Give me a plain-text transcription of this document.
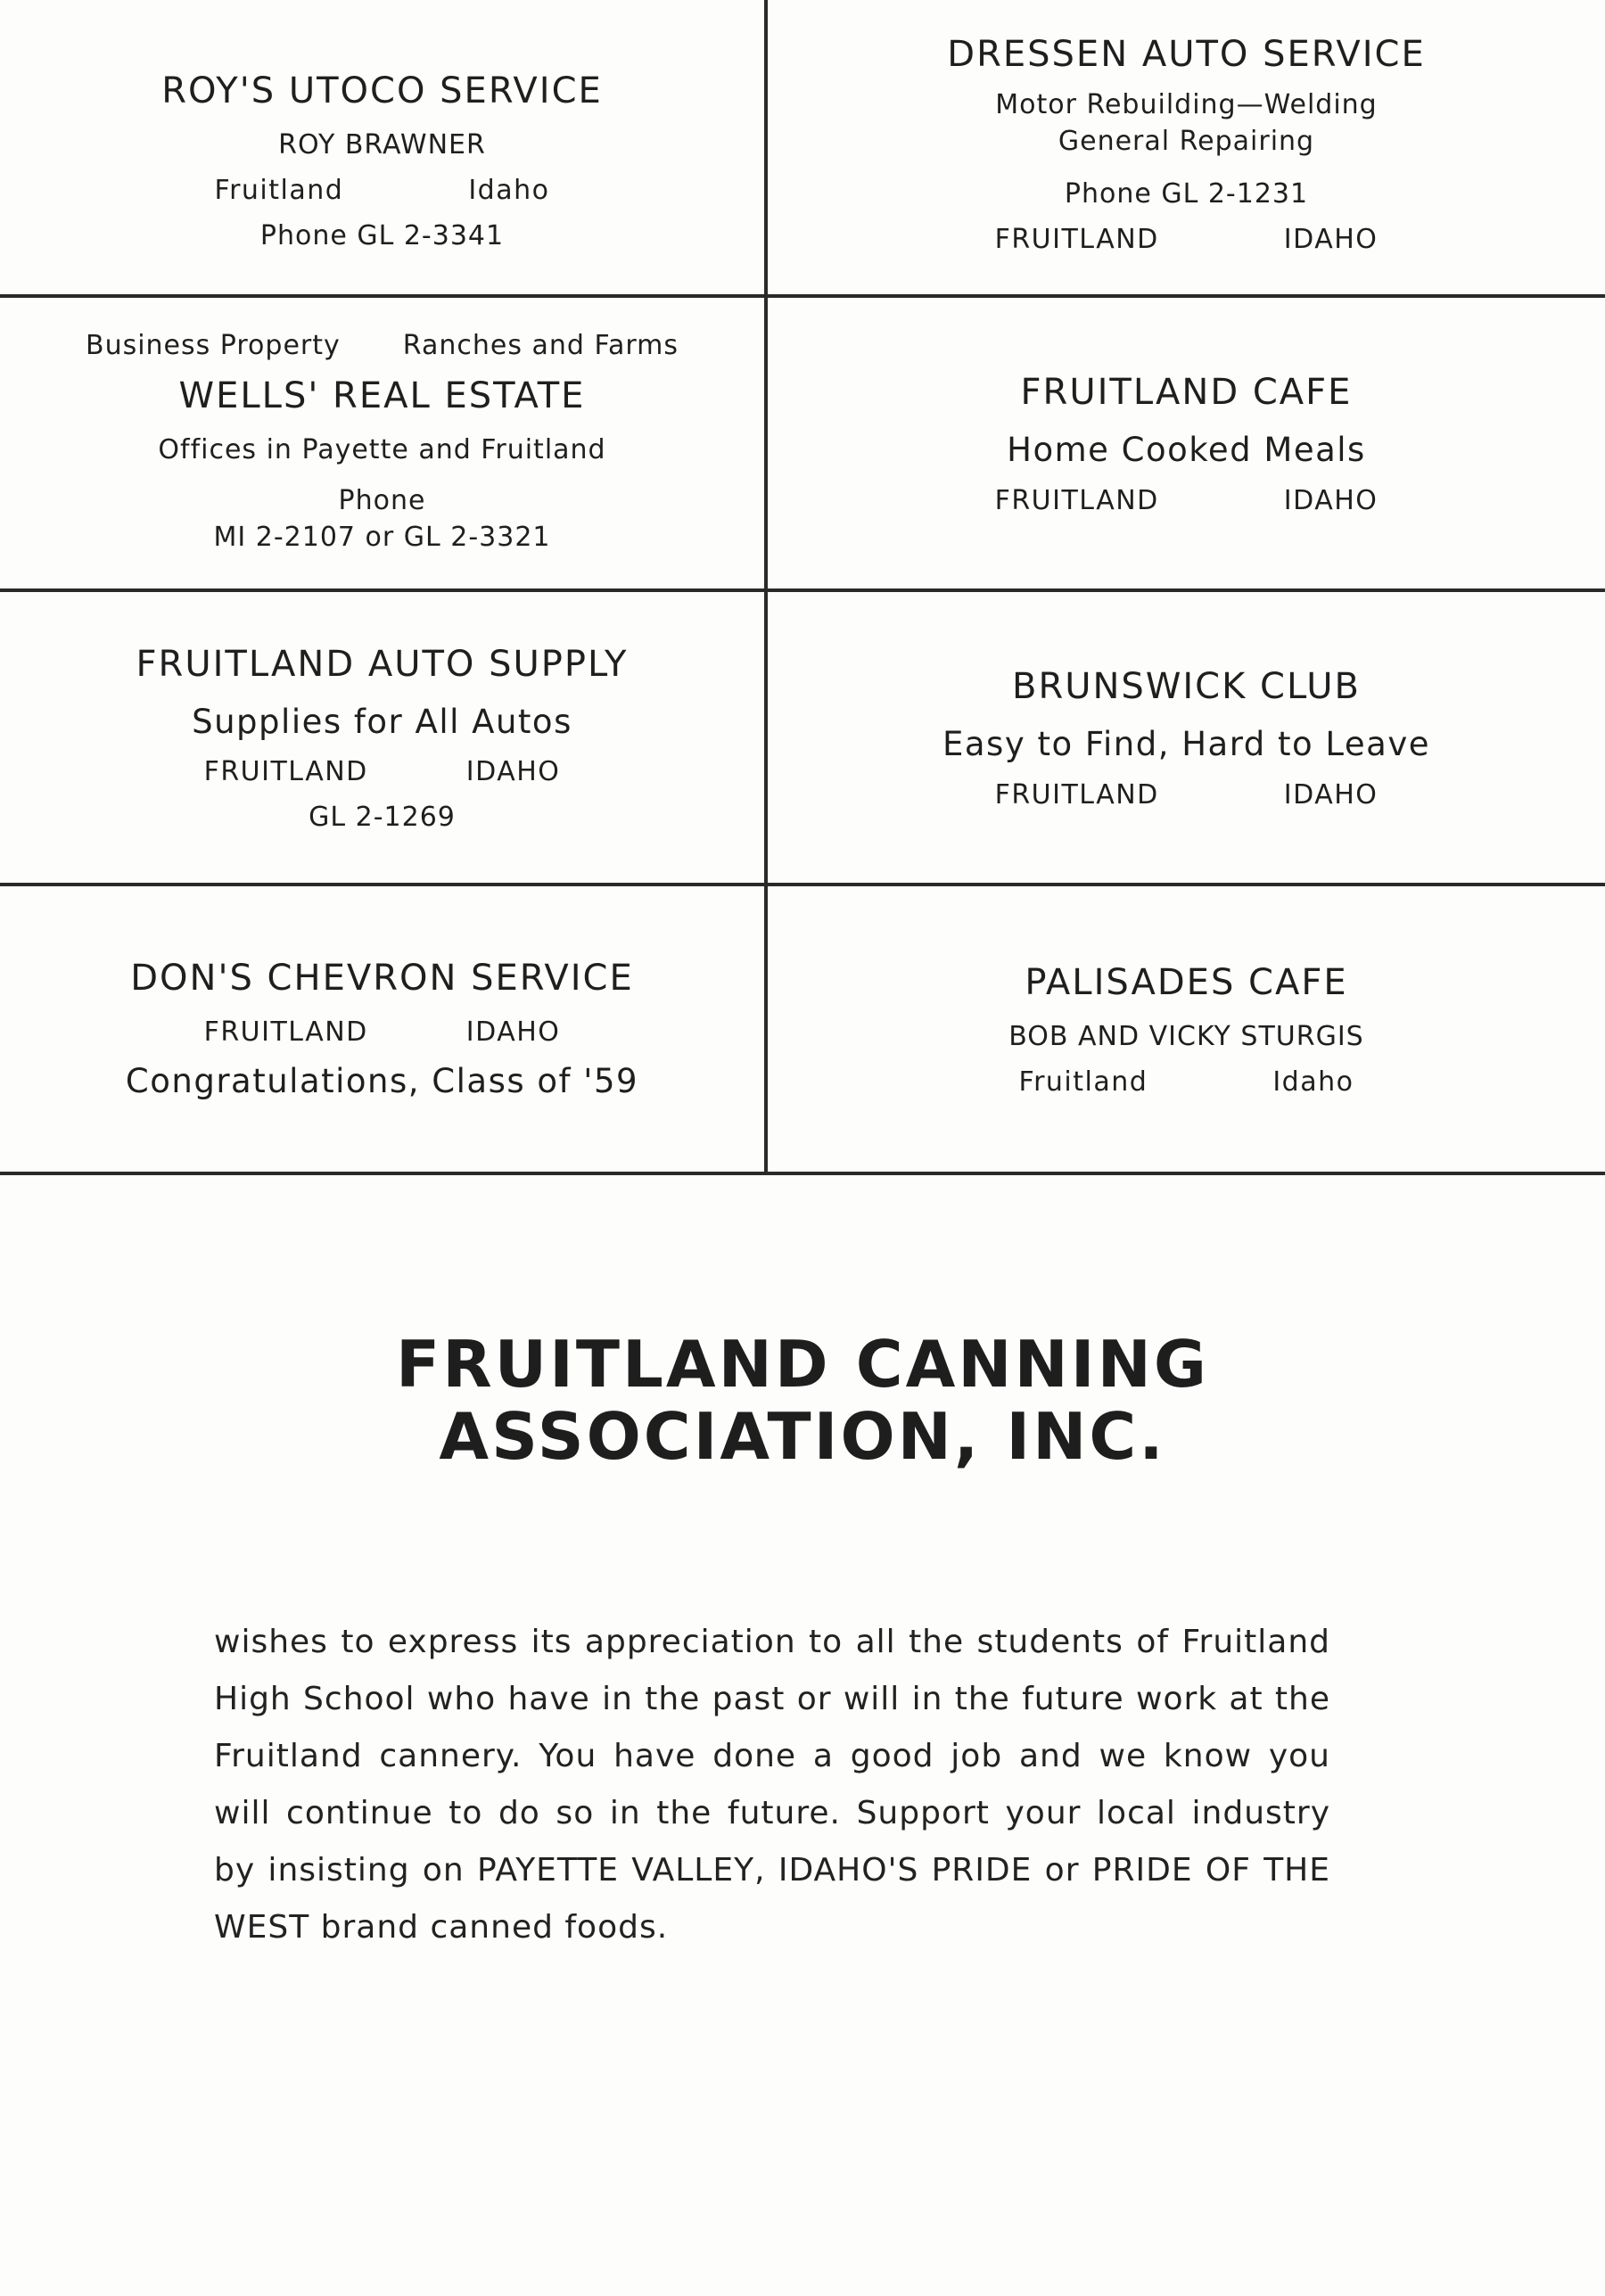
ROY'S UTOCO SERVICE
ROY BRAWNER
Fruitland	Idaho
Phone GL 2-3341
DRESSEN AUTO SERVICE
Motor Rebuilding—Welding
General Repairing
Phone GL 2-1231
FRUITLAND	IDAHO
Business Property Ranches and Farms
WELLS' REAL ESTATE
Offices in Payette and Fruitland
Phone
MI 2-2107 or GL 2-3321
FRUITLAND CAFE
Home Cooked Meals
FRUITLAND	IDAHO
FRUITLAND AUTO SUPPLY
Supplies for All Autos
FRUITLAND	IDAHO
GL 2-1269
BRUNSWICK CLUB
Easy to Find, Hard to Leave
FRUITLAND	IDAHO
DON'S CHEVRON SERVICE
FRUITLAND	IDAHO
Congratulations, Class of '59
PALISADES CAFE
BOB AND VICKY STURGIS
Fruitland	Idaho
FRUITLAND CANNING
ASSOCIATION, INC.
wishes to express its appreciation to all the students of Fruitland High School who have in the past or will in the future work at the Fruitland cannery. You have done a good job and we know you will continue to do so in the future. Support your local industry by insisting on PAYETTE VALLEY, IDAHO'S PRIDE or PRIDE OF THE WEST brand canned foods.
